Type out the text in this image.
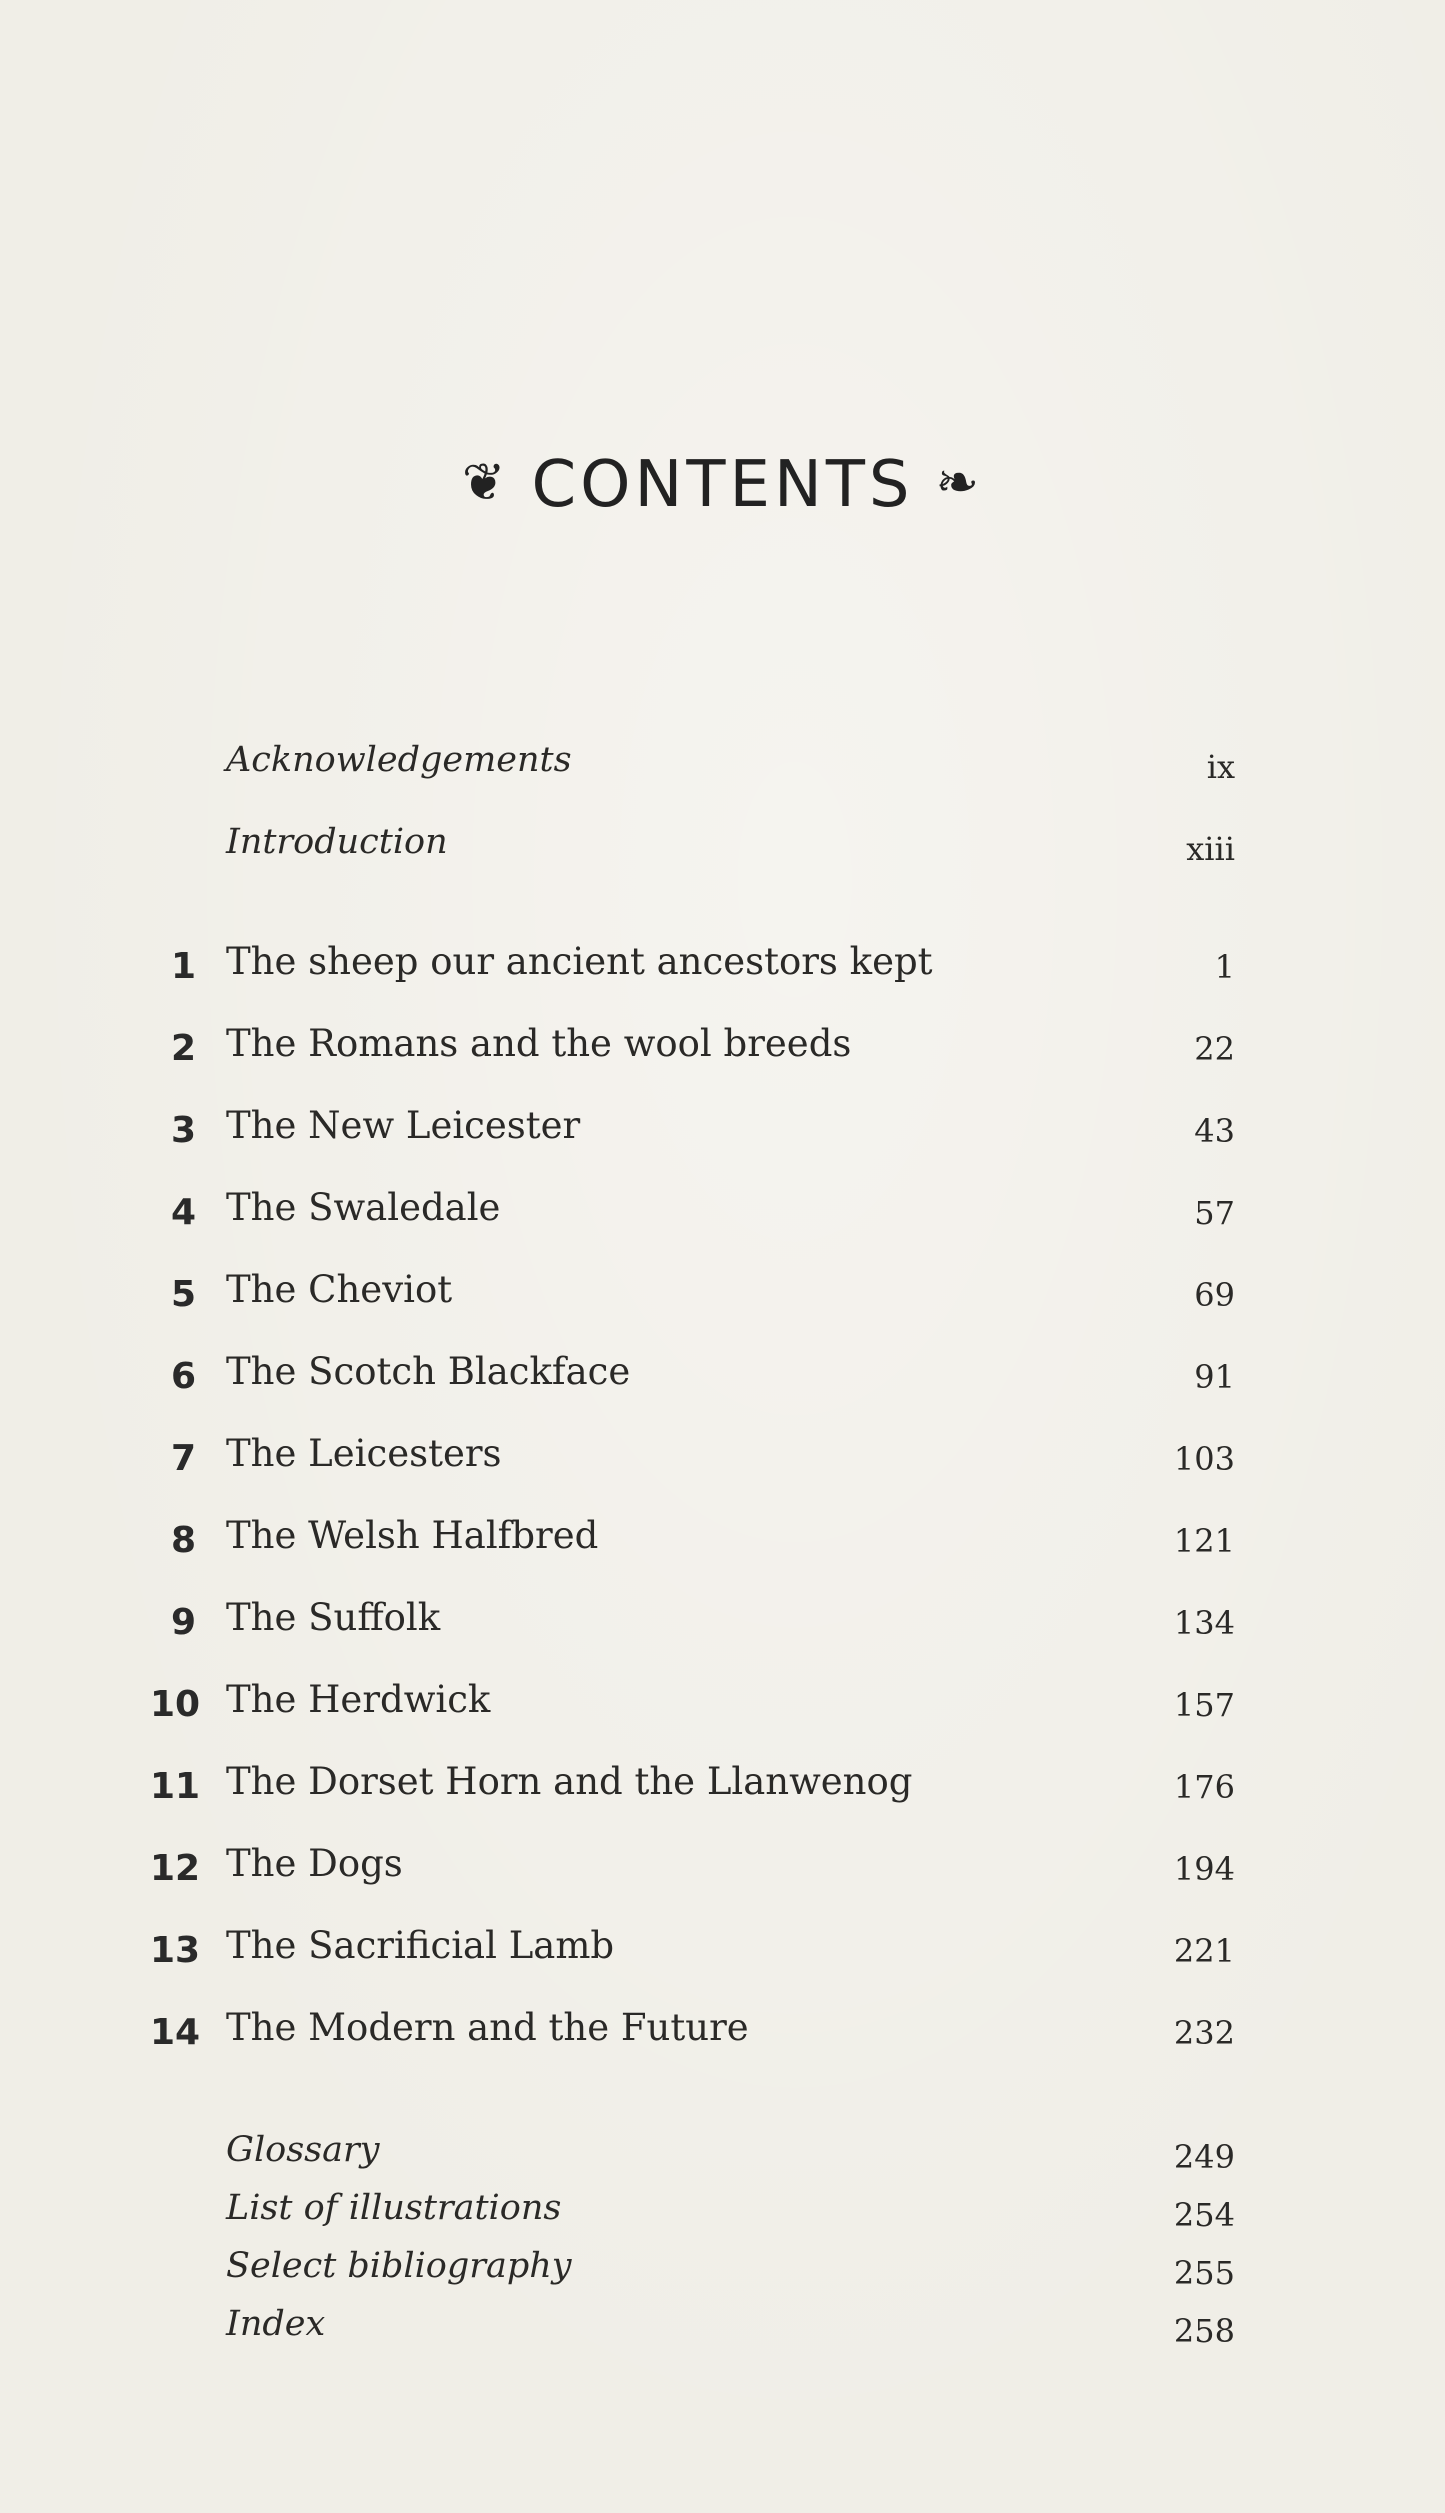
❦ CONTENTS ❧
Acknowledgements	ix
Introduction	xiii
1 The sheep our ancient ancestors kept	1
2 The Romans and the wool breeds	22
3 The New Leicester	43
4 The Swaledale	57
5 The Cheviot	69
6 The Scotch Blackface	91
7 The Leicesters	103
8 The Welsh Halfbred	121
9 The Suffolk	134
10 The Herdwick	157
11 The Dorset Horn and the Llanwenog	176
12 The Dogs	194
13 The Sacrificial Lamb	221
14 The Modern and the Future	232
Glossary	249
List of illustrations	254
Select bibliography	255
Index	258
